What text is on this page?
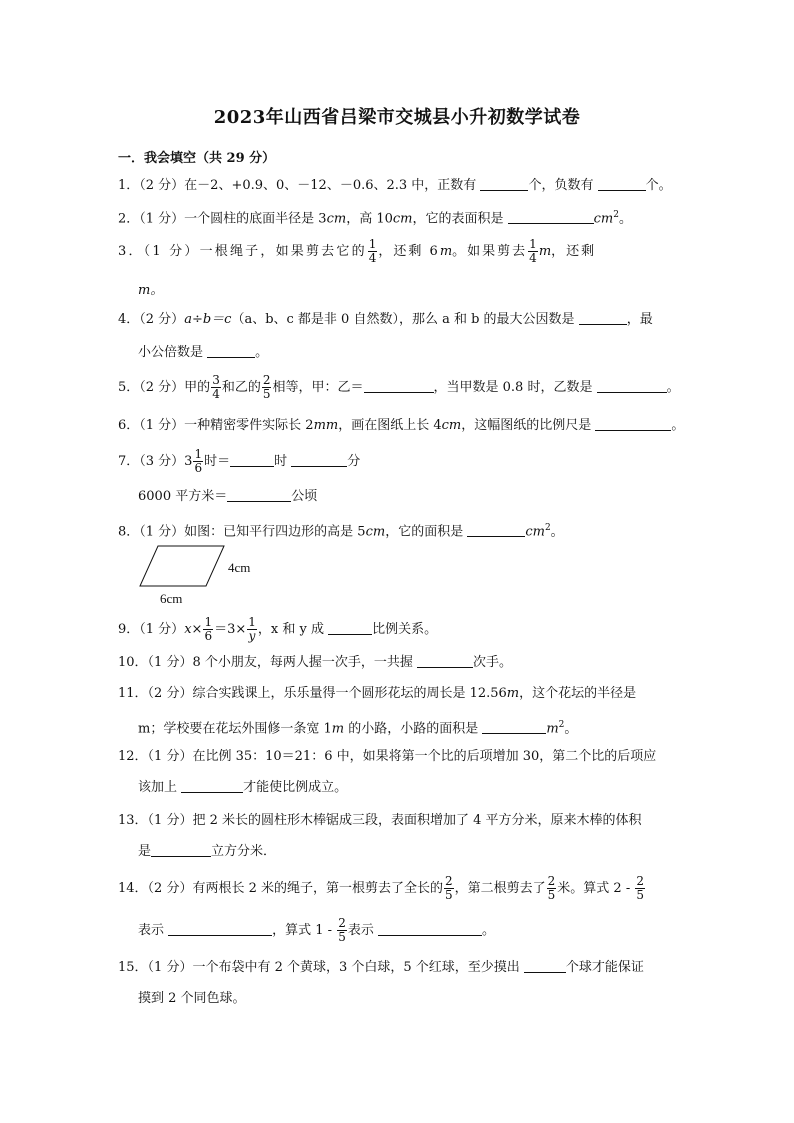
2023年山西省吕梁市交城县小升初数学试卷
一．我会填空（共 29 分）
1．（2 分）在－2、+0.9、0、－12、－0.6、2.3 中，正数有	个，负数有	个。
2．（1 分）一个圆柱的底面半径是 3cm，高 10cm，它的表面积是	$cm^2$。
3．（1 分）一根绳子，如果剪去它的 $\frac{1}{4}$ ，还剩 6m。如果剪去 $\frac{1}{4}$ m，还剩
m。
4．（2 分）a÷b＝c（a、b、c 都是非 0 自然数），那么 a 和 b 的最大公因数是	，最
小公倍数是	。
5．（2 分）甲的 $\frac{3}{4}$ 和乙的 $\frac{2}{5}$ 相等，甲：乙＝	，当甲数是 0.8 时，乙数是	。
6．（1 分）一种精密零件实际长 2mm，画在图纸上长 4cm，这幅图纸的比例尺是	。
7．（3 分）$3 \frac{1}{6}$ 时＝	时	分
6000 平方米＝	公顷
8．（1 分）如图：已知平行四边形的高是 5cm，它的面积是	$cm^2$。
4cm
6cm
9．（1 分）$x\times \frac{1}{6} =3\times \frac{1}{y}$ ，x 和 y 成	比例关系。
10．（1 分）8 个小朋友，每两人握一次手，一共握	次手。
11．（2 分）综合实践课上，乐乐量得一个圆形花坛的周长是 12.56m，这个花坛的半径是
m；学校要在花坛外围修一条宽 1m 的小路，小路的面积是	$m^2$。
12．（1 分）在比例 35：10＝21：6 中，如果将第一个比的后项增加 30，第二个比的后项应
该加上	才能使比例成立。
13．（1 分）把 2 米长的圆柱形木棒锯成三段，表面积增加了 4 平方分米，原来木棒的体积
是	立方分米．
14．（2 分）有两根长 2 米的绳子，第一根剪去了全长的 $\frac{2}{5}$ ，第二根剪去了 $\frac{2}{5}$ 米。算式 $2 - \frac{2}{5}$
表示	，算式 $1 - \frac{2}{5}$ 表示	。
15．（1 分）一个布袋中有 2 个黄球，3 个白球，5 个红球，至少摸出	个球才能保证
摸到 2 个同色球。
